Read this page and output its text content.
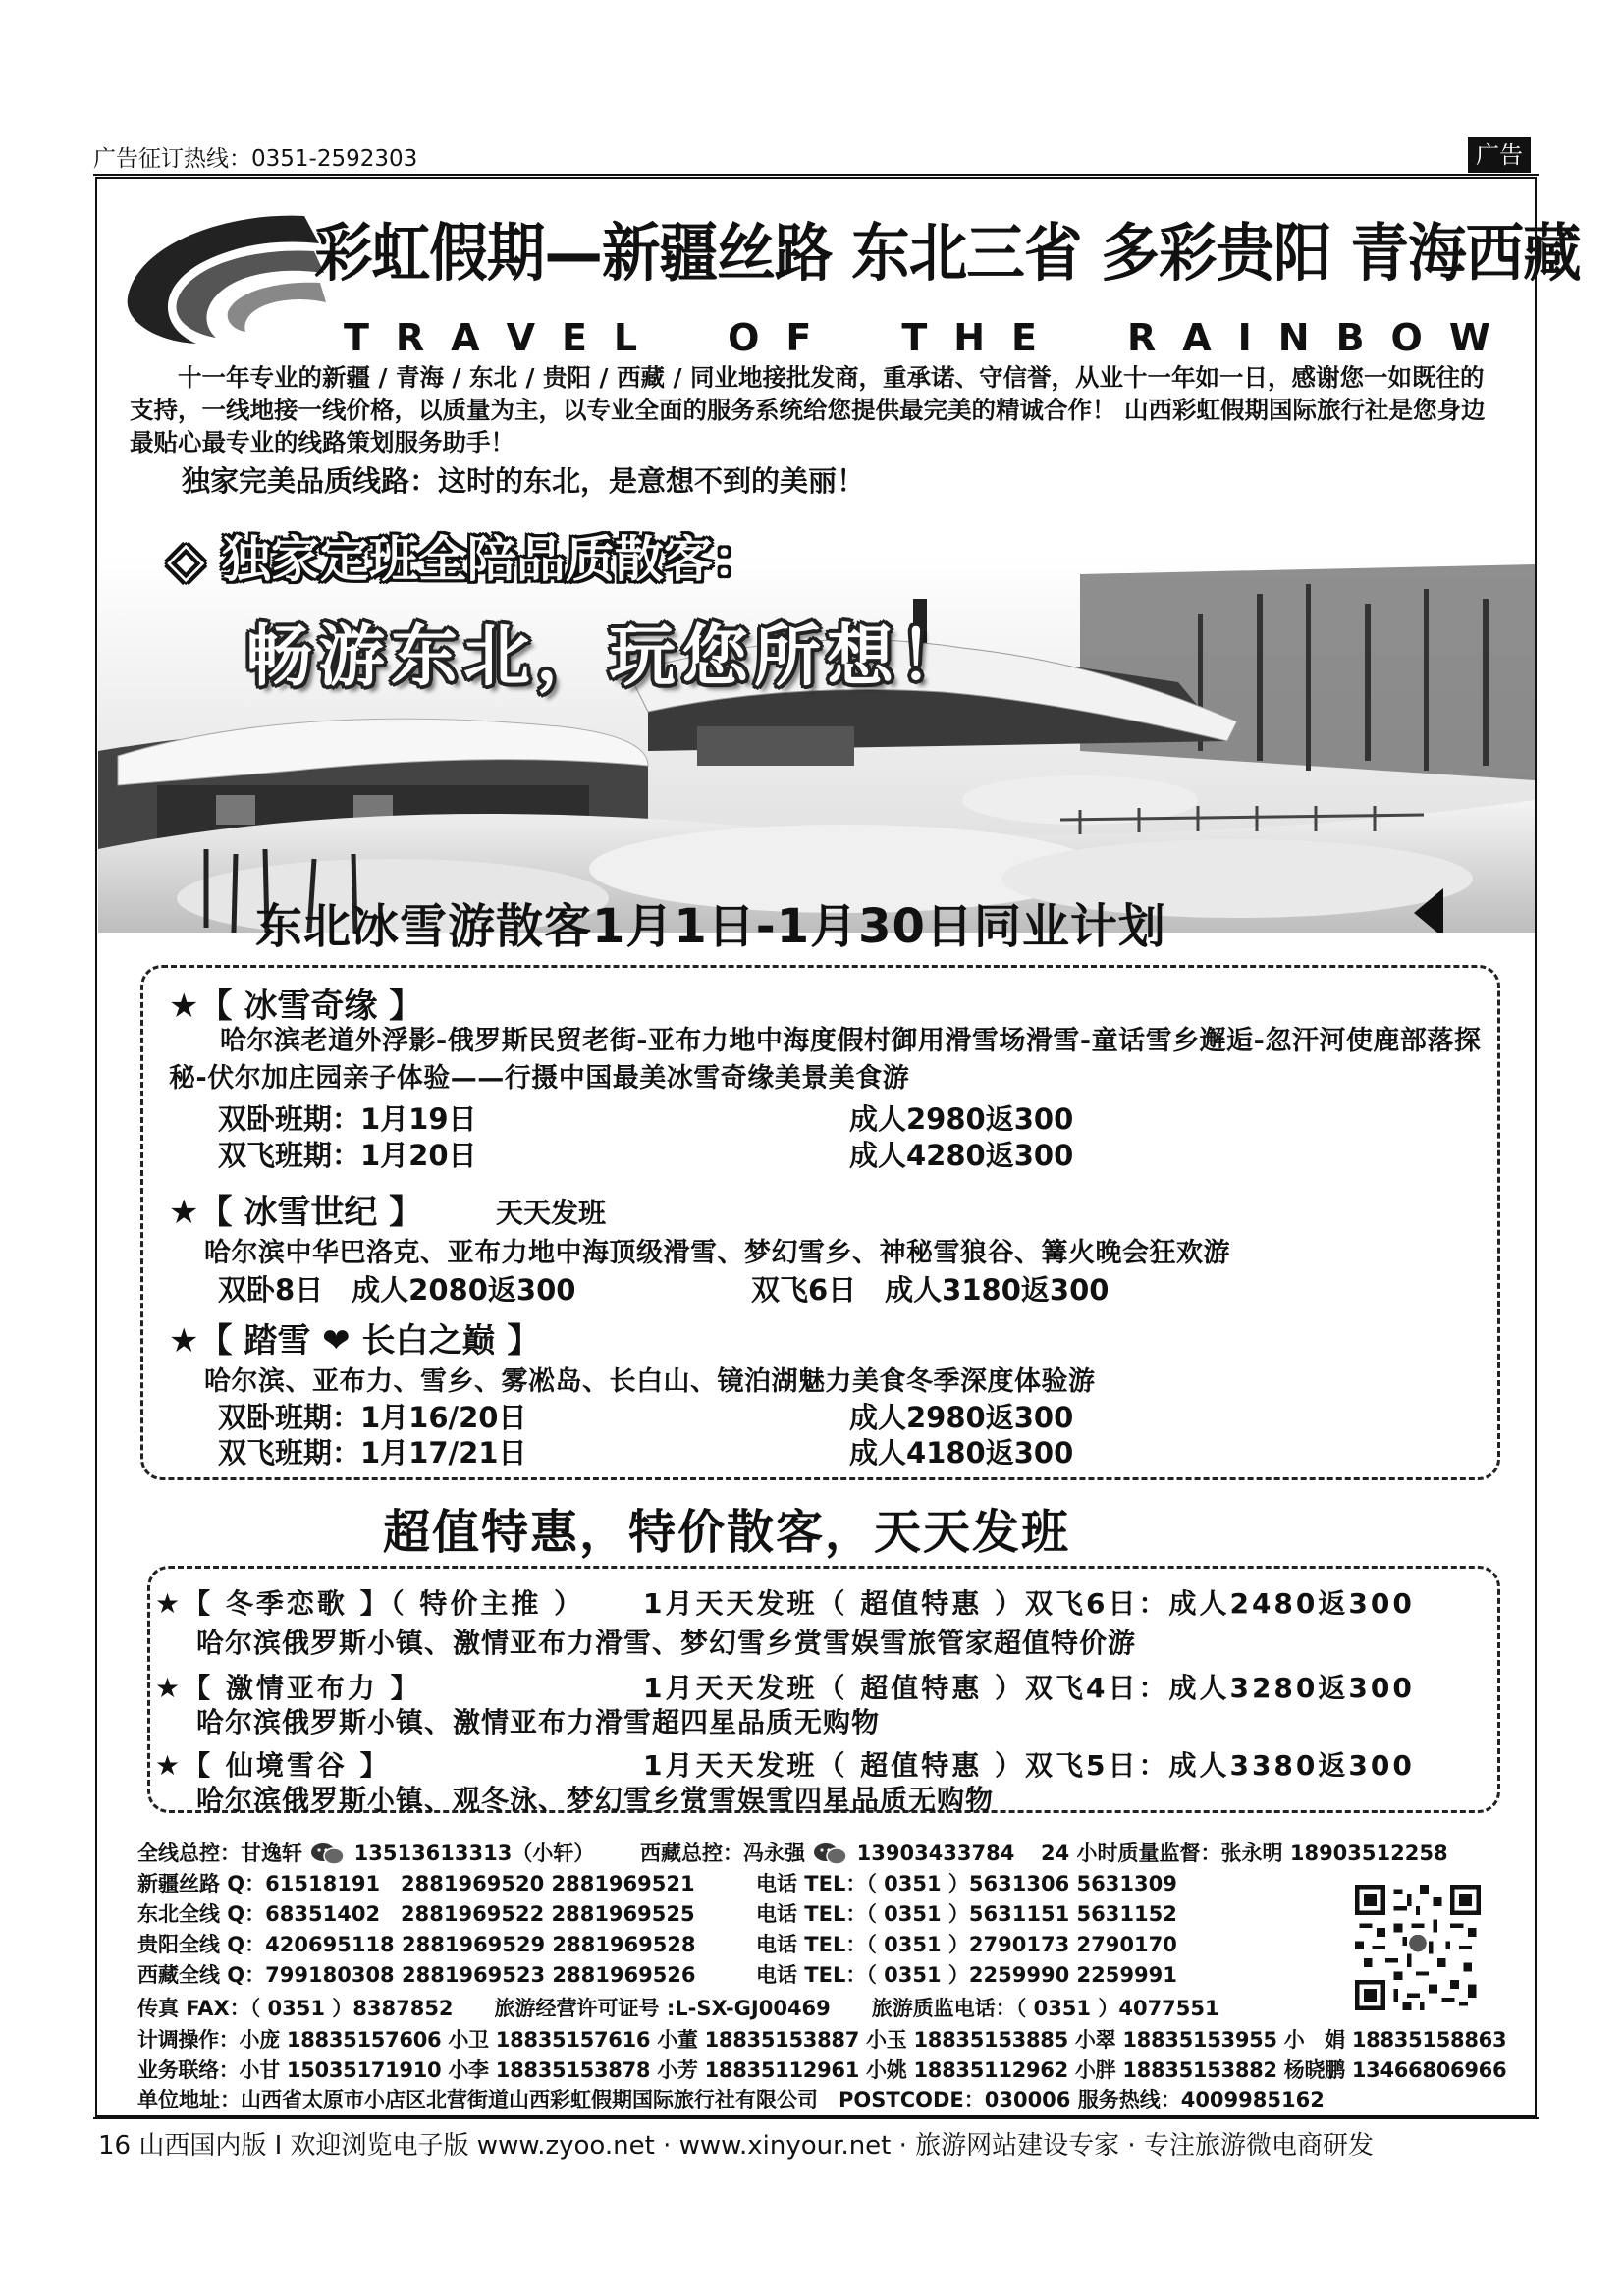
广告征订热线：0351-2592303	广告
彩虹假期—新疆丝路 东北三省 多彩贵阳 青海西藏
T R A V E L O F T H E R A I N B O W

十一年专业的新疆 / 青海 / 东北 / 贵阳 / 西藏 / 同业地接批发商，重承诺、守信誉，从业十一年如一日，感谢您一如既往的支持，一线地接一线价格，以质量为主，以专业全面的服务系统给您提供最完美的精诚合作！ 山西彩虹假期国际旅行社是您身边最贴心最专业的线路策划服务助手！

独家完美品质线路：这时的东北，是意想不到的美丽！
◇ 独家定班全陪品质散客：
畅游东北，玩您所想！
东北冰雪游散客1月1日-1月30日同业计划
★【 冰雪奇缘 】
哈尔滨老道外浮影-俄罗斯民贸老街-亚布力地中海度假村御用滑雪场滑雪-童话雪乡邂逅-忽汗河使鹿部落探秘-伏尔加庄园亲子体验——行摄中国最美冰雪奇缘美景美食游
双卧班期：1月19日	成人2980返300
双飞班期：1月20日	成人4280返300
★【 冰雪世纪 】	天天发班
哈尔滨中华巴洛克、亚布力地中海顶级滑雪、梦幻雪乡、神秘雪狼谷、篝火晚会狂欢游
双卧8日　成人2080返300	双飞6日　成人3180返300
★【 踏雪 ❤ 长白之巅 】
哈尔滨、亚布力、雪乡、雾凇岛、长白山、镜泊湖魅力美食冬季深度体验游
双卧班期：1月16/20日	成人2980返300
双飞班期：1月17/21日	成人4180返300
超值特惠，特价散客，天天发班
★【 冬季恋歌 】（ 特价主推 ） 1月天天发班（ 超值特惠 ）双飞6日：成人2480返300
哈尔滨俄罗斯小镇、激情亚布力滑雪、梦幻雪乡赏雪娱雪旅管家超值特价游
★【 激情亚布力 】	1月天天发班（ 超值特惠 ）双飞4日：成人3280返300
哈尔滨俄罗斯小镇、激情亚布力滑雪超四星品质无购物
★【 仙境雪谷 】	1月天天发班（ 超值特惠 ）双飞5日：成人3380返300
哈尔滨俄罗斯小镇、观冬泳、梦幻雪乡赏雪娱雪四星品质无购物
全线总控：甘逸轩	13513613313（小轩） 西藏总控：冯永强	13903433784 24 小时质量监督：张永明 18903512258
新疆丝路 Q：61518191　2881969520 2881969521	电话 TEL：（ 0351 ）5631306 5631309
东北全线 Q：68351402　2881969522 2881969525	电话 TEL：（ 0351 ）5631151 5631152
贵阳全线 Q：420695118 2881969529 2881969528	电话 TEL：（ 0351 ）2790173 2790170
西藏全线 Q：799180308 2881969523 2881969526	电话 TEL：（ 0351 ）2259990 2259991
传真 FAX：（ 0351 ）8387852　　旅游经营许可证号 :L-SX-GJ00469　　旅游质监电话：（ 0351 ）4077551
计调操作：小庞 18835157606 小卫 18835157616 小董 18835153887 小玉 18835153885 小翠 18835153955 小　娟 18835158863
业务联络：小甘 15035171910 小李 18835153878 小芳 18835112961 小姚 18835112962 小胖 18835153882 杨晓鹏 13466806966
单位地址：山西省太原市小店区北营街道山西彩虹假期国际旅行社有限公司　POSTCODE：030006 服务热线：4009985162
16 山西国内版 I 欢迎浏览电子版 www.zyoo.net · www.xinyour.net · 旅游网站建设专家 · 专注旅游微电商研发
